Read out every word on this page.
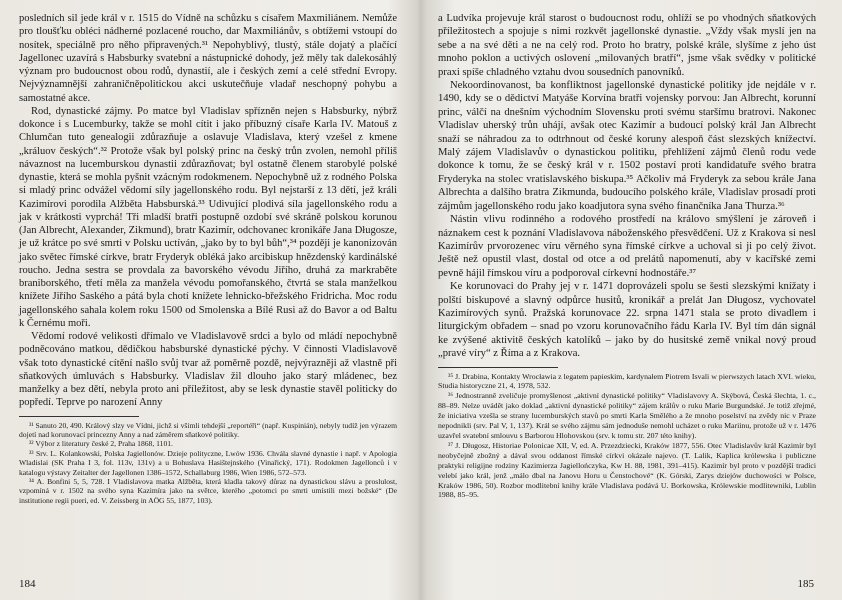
posledních sil jede král v r. 1515 do Vídně na schůzku s císařem Maxmiliánem. Nemůže pro tloušťku obléci nádherné pozlacené roucho, dar Maxmiliánův, s obtížemi vstoupí do nosítek, speciálně pro něho připravených.³¹ Nepohyblivý, tlustý, stále dojatý a plačící Jagellonec uzavírá s Habsburky svatební a nástupnické dohody, jež měly tak dalekosáhlý význam pro budoucnost obou rodů, dynastií, ale i českých zemí a celé střední Evropy. Nejvýznamnější zahraničněpolitickou akci uskutečňuje vladař neschopný pohybu a samostatné akce.

Rod, dynastické zájmy. Po matce byl Vladislav spřízněn nejen s Habsburky, nýbrž dokonce i s Lucemburky, takže se mohl cítit i jako příbuzný císaře Karla IV. Matouš z Chlumčan tuto genealogii zdůrazňuje a oslavuje Vladislava, který vzešel z kmene „králuov českých“.³² Protože však byl polský princ na český trůn zvolen, nemohl příliš návaznost na lucemburskou dynastii zdůrazňovat; byl ostatně členem starobylé polské dynastie, která se mohla pyšnit vzácným rodokmenem. Nepochybně už z rodného Polska si mladý princ odvážel vědomí síly jagellonského rodu. Byl nejstarší z 13 dětí, jež králi Kazimírovi porodila Alžběta Habsburská.³³ Udivující plodivá síla jagellonského rodu a jak v krátkosti vyprchá! Tři mladší bratři postupně ozdobí své skráně polskou korunou (Jan Albrecht, Alexander, Zikmund), bratr Kazimír, odchovanec kronikáře Jana Długosze, je už krátce po své smrti v Polsku uctíván, „jako by to byl bůh“,³⁴ později je kanonizován jako světec římské církve, bratr Fryderyk obléká jako arcibiskup hnězdenský kardinálské roucho. Jedna sestra se provdala za bavorského vévodu Jiřího, druhá za markraběte braniborského, třetí měla za manžela vévodu pomořanského, čtvrtá se stala manželkou knížete Jiřího Saského a pátá byla chotí knížete lehnicko-břežského Fridricha. Moc rodu jagellonského sahala kolem roku 1500 od Smolenska a Bílé Rusi až do Bavor a od Baltu k Černému moři.

Vědomí rodové velikosti dřímalo ve Vladislavově srdci a bylo od mládí nepochybně podněcováno matkou, dědičkou habsburské dynastické pýchy. V činnosti Vladislavově však toto dynastické cítění našlo svůj tvar až poměrně pozdě, nejvýrazněji až vlastně při sňatkových úmluvách s Habsburky. Vladislav žil dlouho jako starý mládenec, bez manželky a bez dětí, nebyla proto ani příležitost, aby se lesk dynastie stavěl politicky do popředí. Teprve po narození Anny

³¹ Sanuto 20, 490. Králový slzy ve Vídni, jichž si všimli tehdejší „reportéři“ (např. Kuspinián), nebyly tudíž jen výrazem dojetí nad korunovací princezny Anny a nad záměrem sňatkové politiky.

³² Výbor z literatury české 2, Praha 1868, 1101.

³³ Srv. L. Kolankowski, Polska Jagiellonów. Dzieje polityczne, Lwów 1936. Chvála slavné dynastie i např. v Apologia Wladislai (SK Praha I 3, fol. 113v, 131v) a u Bohuslava Hasištejnského (Vinařický, 171). Rodokmen Jagellonců i v katalogu výstavy Zeitalter der Jagellonen 1386–1572, Schallaburg 1986, Wien 1986, 572–573.

³⁴ A. Bonfini 5, 5, 728. I Vladislavova matka Alžběta, která kladla takový důraz na dynastickou slávu a proslulost, vzpomíná v r. 1502 na svého syna Kazimíra jako na světce, kterého „potomci po smrti umístili mezi božské“ (De institutione regii pueri, ed. V. Zeissberg in AÖG 55, 1877, 103).

184

a Ludvíka projevuje král starost o budoucnost rodu, ohlíží se po vhodných sňatkových příležitostech a spojuje s nimi rozkvět jagellonské dynastie. „Vždy však myslí jen na sebe a na své děti a ne na celý rod. Proto ho bratry, polské krále, slyšíme z jeho úst mnoho poklon a uctivých oslovení „milovaných bratří“, jsme však svědky v politické praxi spíše chladného vztahu dvou sousedních panovníků.

Nekoordinovanost, ba konfliktnost jagellonské dynastické politiky jde nejdále v r. 1490, kdy se o dědictví Matyáše Korvína bratři vojensky porvou: Jan Albrecht, korunní princ, válčí na dnešním východním Slovensku proti svému staršímu bratrovi. Nakonec Vladislav uherský trůn uhájí, avšak otec Kazimír a budoucí polský král Jan Albrecht snaží se náhradou za to odtrhnout od české koruny alespoň část slezských knížectví. Malý zájem Vladislavův o dynastickou politiku, přehlížení zájmů členů rodu vede dokonce k tomu, že se český král v r. 1502 postaví proti kandidatuře svého bratra Fryderyka na stolec vratislavského biskupa.³⁵ Ačkoliv má Fryderyk za sebou krále Jana Albrechta a dalšího bratra Zikmunda, budoucího polského krále, Vladislav prosadí proti zájmům jagellonského rodu jako koadjutora syna svého finančníka Jana Thurza.³⁶

Nástin vlivu rodinného a rodového prostředí na královo smýšlení je zároveň i náznakem cest k poznání Vladislavova náboženského přesvědčení. Už z Krakova si nesl Kazimírův prvorozenec víru věrného syna římské církve a uchoval si ji po celý život. Ještě než opustil vlast, dostal od otce a od prelátů napomenutí, aby v kacířské zemi pevně hájil římskou víru a podporoval církevní hodnostáře.³⁷

Ke korunovaci do Prahy jej v r. 1471 doprovázeli spolu se šesti slezskými knížaty i polští biskupové a slavný odpůrce husitů, kronikář a prelát Jan Długosz, vychovatel Kazimírových synů. Pražská korunovace 22. srpna 1471 stala se proto divadlem i liturgickým obřadem – snad po vzoru korunovačního řádu Karla IV. Byl tím dán signál ke zvýšené aktivitě českých katolíků – jako by do husitské země vnikal nový proud „pravé víry“ z Říma a z Krakova.

³⁵ J. Drabina, Kontakty Wrocławia z legatem papieskim, kardynałem Piotrem Isvali w pierwszych latach XVI. wieku, Studia historyczne 21, 4, 1978, 532.

³⁶ Jednostranně zveličuje promyšlenost „aktivní dynastické politiky“ Vladislavovy A. Skýbová, Česká šlechta, 1. c., 88–89. Nelze uvádět jako doklad „aktivní dynastické politiky“ zájem králův o ruku Marie Burgundské. Je totiž zřejmé, že iniciativa vzešla se strany lucemburských stavů po smrti Karla Smělého a že mnoho poselství na zvědy nic v Praze nepodnikli (srv. Pal V, 1, 137). Král se svého zájmu sám jednoduše nemohl ucházet o ruku Mariinu, protože už v r. 1476 uzavřel svatební smlouvu s Barborou Hlohovskou (srv. k tomu str. 207 této knihy).

³⁷ J. Długosz, Historiae Polonicae XII, V, ed. A. Przezdziecki, Kraków 1877, 556. Otec Vladislavův král Kazimír byl neobyčejně zbožný a dával svou oddanost římské církvi okázale najevo. (T. Lalik, Kaplica królewska i publiczne praktyki religijne rodziny Kazimierza Jagiellończyka, Kw H. 88, 1981, 391–415). Kazimír byl proto v pozdější tradici velebí jako král, jenž „málo dbal na Janovu Horu u Čenstochové“ (K. Górski, Zarys dziejów duchowości w Polsce, Kraków 1986, 50). Rozbor modlitební knihy krále Vladislava podává U. Borkowska, Królewskie modlitewniki, Lublin 1988, 85–95.

185
